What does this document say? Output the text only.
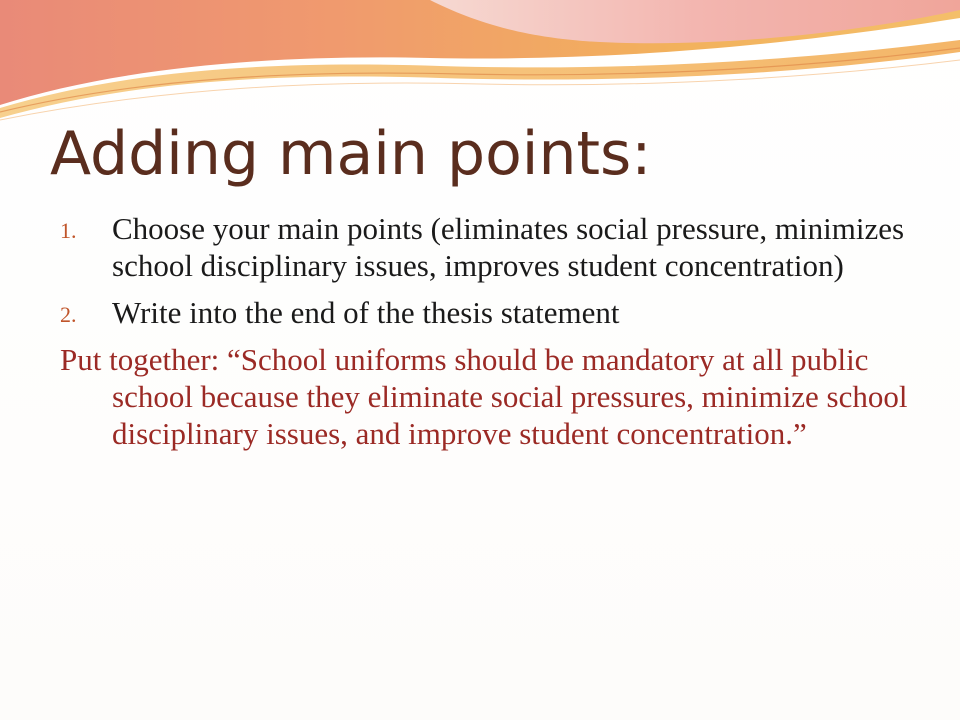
Adding main points:
1. Choose your main points (eliminates social pressure, minimizes school disciplinary issues, improves student concentration)
2. Write into the end of the thesis statement

Put together: “School uniforms should be mandatory at all public school because they eliminate social pressures, minimize school disciplinary issues, and improve student concentration.”
